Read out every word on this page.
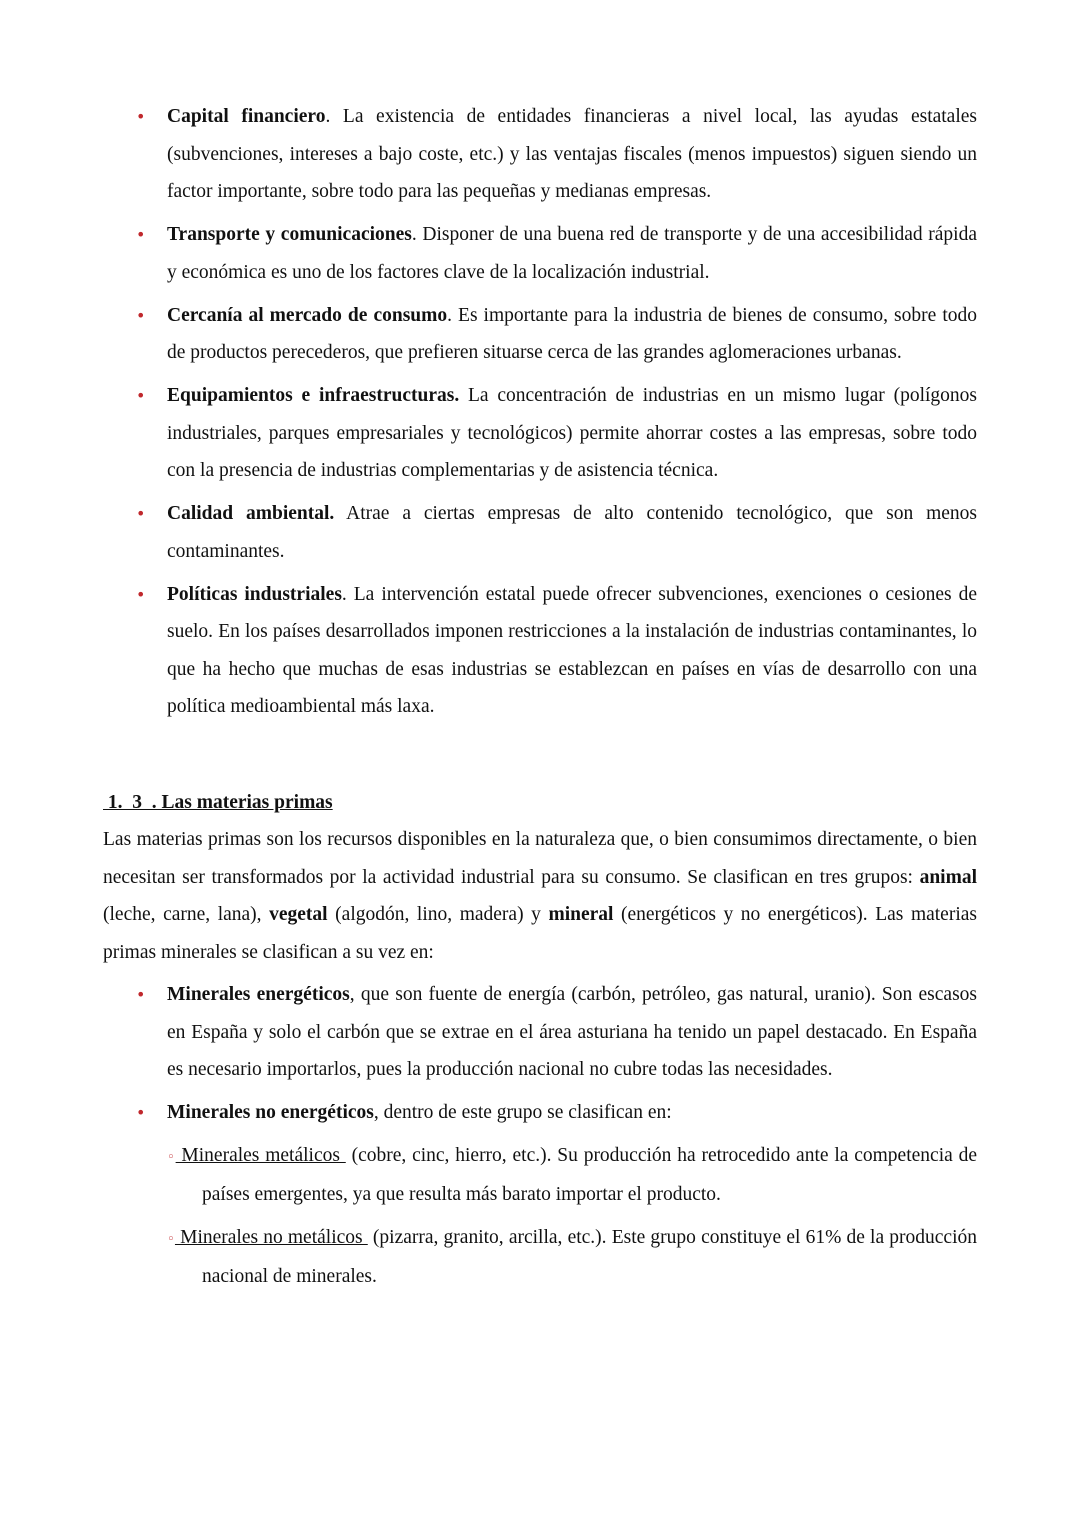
• Capital financiero. La existencia de entidades financieras a nivel local, las ayudas estatales (subvenciones, intereses a bajo coste, etc.) y las ventajas fiscales (menos impuestos) siguen siendo un factor importante, sobre todo para las pequeñas y medianas empresas.
• Transporte y comunicaciones. Disponer de una buena red de transporte y de una accesibilidad rápida y económica es uno de los factores clave de la localización industrial.
• Cercanía al mercado de consumo. Es importante para la industria de bienes de consumo, sobre todo de productos perecederos, que prefieren situarse cerca de las grandes aglomeraciones urbanas.
• Equipamientos e infraestructuras. La concentración de industrias en un mismo lugar (polígonos industriales, parques empresariales y tecnológicos) permite ahorrar costes a las empresas, sobre todo con la presencia de industrias complementarias y de asistencia técnica.
• Calidad ambiental. Atrae a ciertas empresas de alto contenido tecnológico, que son menos contaminantes.
• Políticas industriales. La intervención estatal puede ofrecer subvenciones, exenciones o cesiones de suelo. En los países desarrollados imponen restricciones a la instalación de industrias contaminantes, lo que ha hecho que muchas de esas industrias se establezcan en países en vías de desarrollo con una política medioambiental más laxa.
1.  3  . Las materias primas

Las materias primas son los recursos disponibles en la naturaleza que, o bien consumimos directamente, o bien necesitan ser transformados por la actividad industrial para su consumo. Se clasifican en tres grupos: animal (leche, carne, lana), vegetal (algodón, lino, madera) y mineral (energéticos y no energéticos). Las materias primas minerales se clasifican a su vez en:

• Minerales energéticos, que son fuente de energía (carbón, petróleo, gas natural, uranio). Son escasos en España y solo el carbón que se extrae en el área asturiana ha tenido un papel destacado. En España es necesario importarlos, pues la producción nacional no cubre todas las necesidades.
• Minerales no energéticos, dentro de este grupo se clasifican en:
◦ Minerales metálicos  (cobre, cinc, hierro, etc.). Su producción ha retrocedido ante la competencia de países emergentes, ya que resulta más barato importar el producto.
◦ Minerales no metálicos  (pizarra, granito, arcilla, etc.). Este grupo constituye el 61% de la producción nacional de minerales.
